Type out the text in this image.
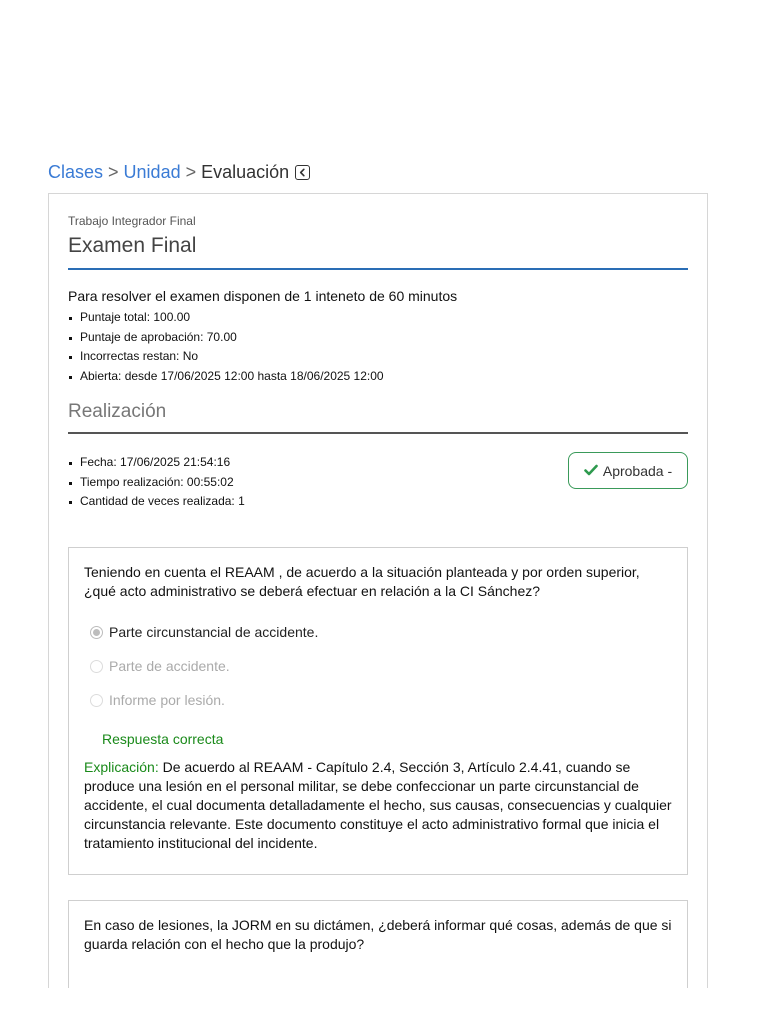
Clases > Unidad > Evaluación
Trabajo Integrador Final
Examen Final
Para resolver el examen disponen de 1 inteneto de 60 minutos
Puntaje total: 100.00
Puntaje de aprobación: 70.00
Incorrectas restan: No
Abierta: desde 17/06/2025 12:00 hasta 18/06/2025 12:00
Realización
Fecha: 17/06/2025 21:54:16
Tiempo realización: 00:55:02
Cantidad de veces realizada: 1
Aprobada -
Teniendo en cuenta el REAAM , de acuerdo a la situación planteada y por orden superior, ¿qué acto administrativo se deberá efectuar en relación a la CI Sánchez?
Parte circunstancial de accidente.
Parte de accidente.
Informe por lesión.
Respuesta correcta
Explicación: De acuerdo al REAAM - Capítulo 2.4, Sección 3, Artículo 2.4.41, cuando se produce una lesión en el personal militar, se debe confeccionar un parte circunstancial de accidente, el cual documenta detalladamente el hecho, sus causas, consecuencias y cualquier circunstancia relevante. Este documento constituye el acto administrativo formal que inicia el tratamiento institucional del incidente.
En caso de lesiones, la JORM en su dictámen, ¿deberá informar qué cosas, además de que si guarda relación con el hecho que la produjo?
